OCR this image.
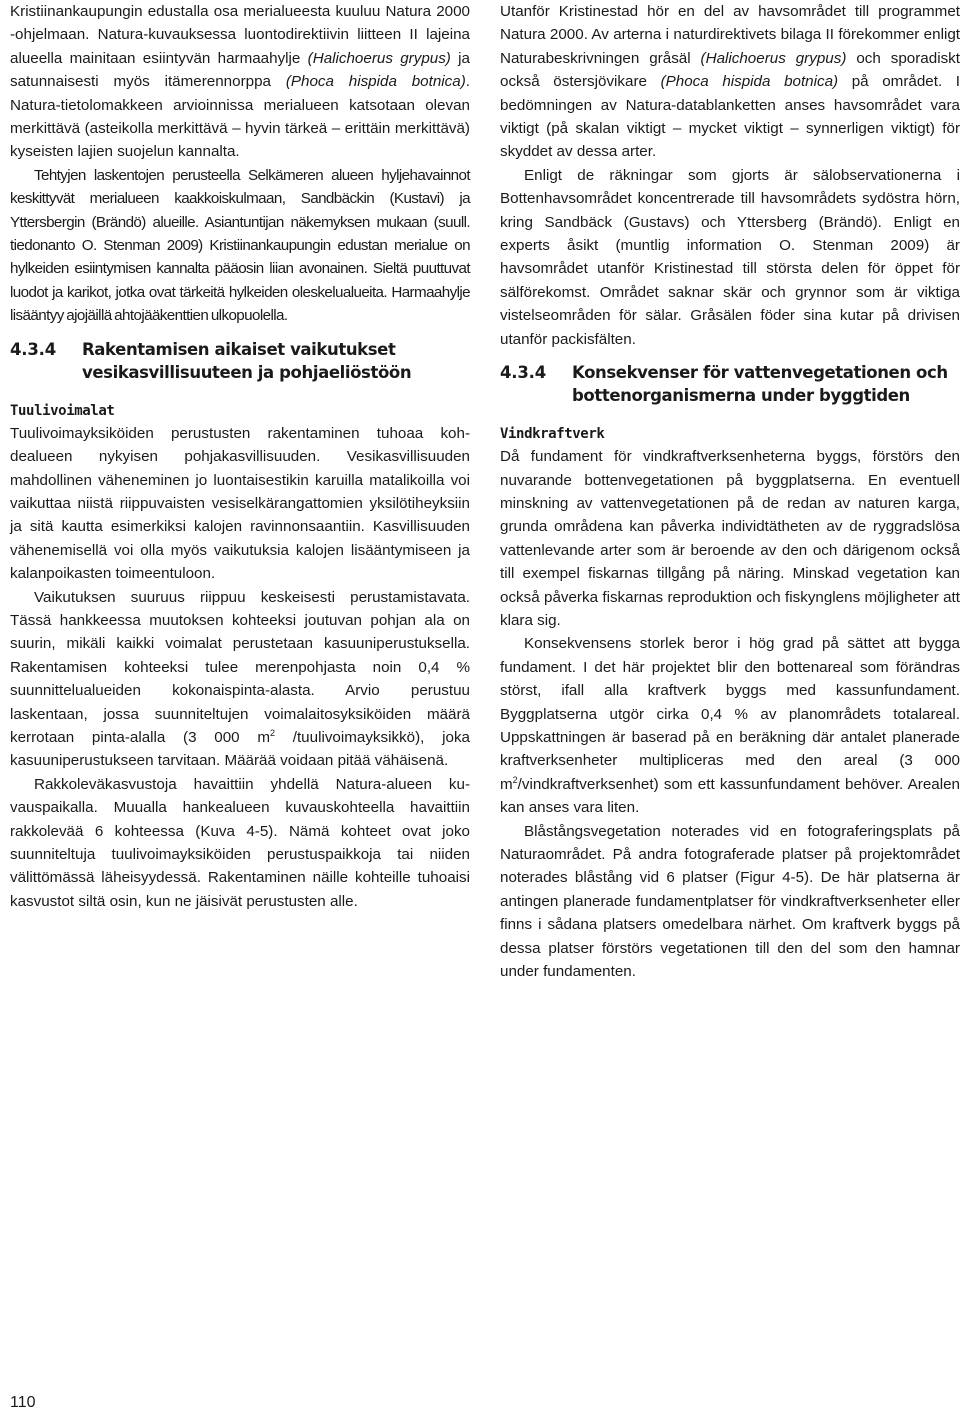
Kristiinankaupungin edustalla osa merialueesta kuuluu Natura 2000 -ohjelmaan. Natura-kuvauksessa luontodirektiivin liitteen II lajeina alueella mainitaan esiintyvän harmaahylje (Halichoerus grypus) ja satunnaisesti myös itämerennorppa (Phoca hispida botnica). Natura-tietolomakkeen arvioinnissa merialueen katsotaan olevan merkittävä (asteikolla merkittävä – hyvin tärkeä – erittäin merkittävä) kyseisten lajien suojelun kannalta.

Tehtyjen laskentojen perusteella Selkämeren alueen hyljehavainnot keskittyvät merialueen kaakkoiskulmaan, Sandbäckin (Kustavi) ja Yttersbergin (Brändö) alueille. Asiantuntijan näkemyksen mukaan (suull. tiedonanto O. Stenman 2009) Kristiinankaupungin edustan merialue on hylkeiden esiintymisen kannalta pääosin liian avonainen. Sieltä puuttuvat luodot ja karikot, jotka ovat tärkeitä hylkeiden oleskelualueita. Harmaahylje lisääntyy ajojäillä ahtojääkenttien ulkopuolella.

4.3.4	Rakentamisen aikaiset vaikutukset vesikasvillisuuteen ja pohjaeliöstöön
Tuulivoimalat

Tuulivoimayksiköiden perustusten rakentaminen tuhoaa kohdealueen nykyisen pohjakasvillisuuden. Vesikasvillisuuden mahdollinen väheneminen jo luontaisestikin karuilla matalikoilla voi vaikuttaa niistä riippuvaisten vesiselkärangattomien yksilötiheyksiin ja sitä kautta esimerkiksi kalojen ravinnonsaantiin. Kasvillisuuden vähenemisellä voi olla myös vaikutuksia kalojen lisääntymiseen ja kalanpoikasten toimeentuloon.

Vaikutuksen suuruus riippuu keskeisesti perustamistavata. Tässä hankkeessa muutoksen kohteeksi joutuvan pohjan ala on suurin, mikäli kaikki voimalat perustetaan kasuuniperustuksella. Rakentamisen kohteeksi tulee merenpohjasta noin 0,4 % suunnittelualueiden kokonaispinta-alasta. Arvio perustuu laskentaan, jossa suunniteltujen voimalaitosyksiköiden määrä kerrotaan pinta-alalla (3 000 $m^2$ /tuulivoimayksikkö), joka kasuuniperustukseen tarvitaan. Määrää voidaan pitää vähäisenä.

Rakkoleväkasvustoja havaittiin yhdellä Natura-alueen kuvauspaikalla. Muualla hankealueen kuvauskohteella havaittiin rakkolevää 6 kohteessa (Kuva 4-5). Nämä kohteet ovat joko suunniteltuja tuulivoimayksiköiden perustuspaikkoja tai niiden välittömässä läheisyydessä. Rakentaminen näille kohteille tuhoaisi kasvustot siltä osin, kun ne jäisivät perustusten alle.

Utanför Kristinestad hör en del av havsområdet till programmet Natura 2000. Av arterna i naturdirektivets bilaga II förekommer enligt Naturabeskrivningen gråsäl (Halichoerus grypus) och sporadiskt också östersjövikare (Phoca hispida botnica) på området. I bedömningen av Natura-datablanketten anses havsområdet vara viktigt (på skalan viktigt – mycket viktigt – synnerligen viktigt) för skyddet av dessa arter.

Enligt de räkningar som gjorts är sälobservationerna i Bottenhavsområdet koncentrerade till havsområdets sydöstra hörn, kring Sandbäck (Gustavs) och Yttersberg (Brändö). Enligt en experts åsikt (muntlig information O. Stenman 2009) är havsområdet utanför Kristinestad till största delen för öppet för sälförekomst. Området saknar skär och grynnor som är viktiga vistelseområden för sälar. Gråsälen föder sina kutar på drivisen utanför packisfälten.

4.3.4	Konsekvenser för vattenvegetationen och bottenorganismerna under byggtiden
Vindkraftverk

Då fundament för vindkraftverksenheterna byggs, förstörs den nuvarande bottenvegetationen på byggplatserna. En eventuell minskning av vattenvegetationen på de redan av naturen karga, grunda områdena kan påverka individtätheten av de ryggradslösa vattenlevande arter som är beroende av den och därigenom också till exempel fiskarnas tillgång på näring. Minskad vegetation kan också påverka fiskarnas reproduktion och fiskynglens möjligheter att klara sig.

Konsekvensens storlek beror i hög grad på sättet att bygga fundament. I det här projektet blir den bottenareal som förändras störst, ifall alla kraftverk byggs med kassunfundament. Byggplatserna utgör cirka 0,4 % av planområdets totalareal. Uppskattningen är baserad på en beräkning där antalet planerade kraftverksenheter multipliceras med den areal (3 000 $m^2/vindkraftverksenhet$) som ett kassunfundament behöver. Arealen kan anses vara liten.

Blåstångsvegetation noterades vid en fotograferingsplats på Naturaområdet. På andra fotograferade platser på projektområdet noterades blåstång vid 6 platser (Figur 4-5). De här platserna är antingen planerade fundamentplatser för vindkraftverksenheter eller finns i sådana platsers omedelbara närhet. Om kraftverk byggs på dessa platser förstörs vegetationen till den del som den hamnar under fundamenten.

110
